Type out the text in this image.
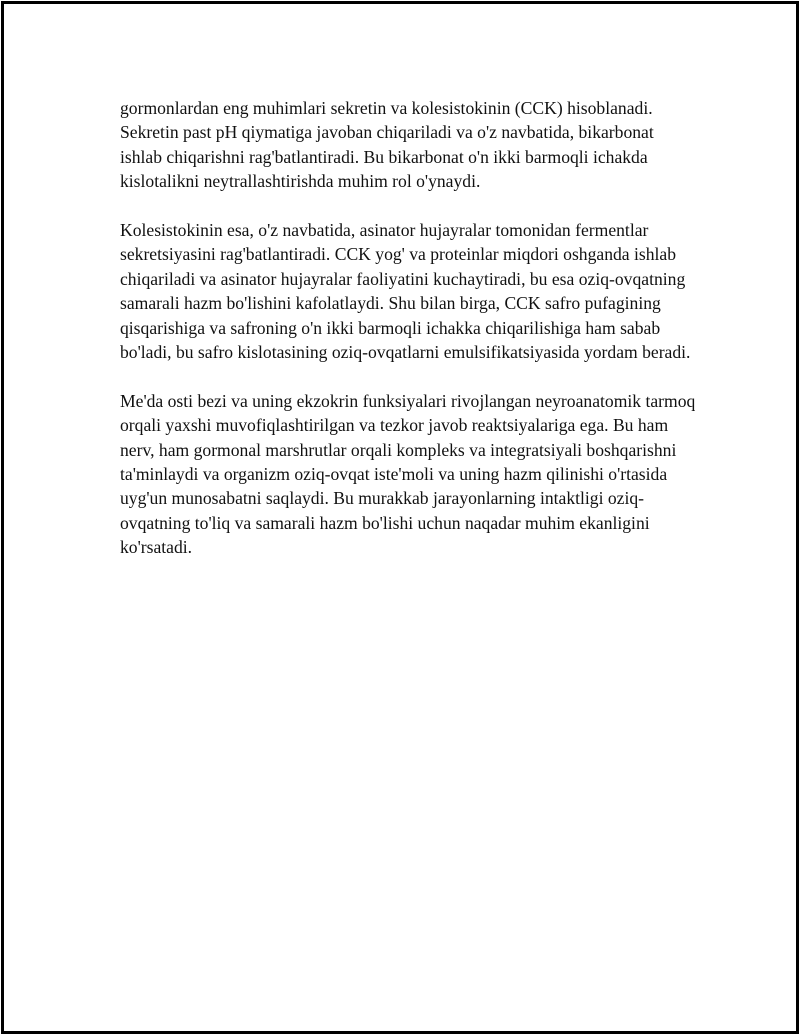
gormonlardan eng muhimlari sekretin va kolesistokinin (CCK) hisoblanadi. Sekretin past pH qiymatiga javoban chiqariladi va o'z navbatida, bikarbonat ishlab chiqarishni rag'batlantiradi. Bu bikarbonat o'n ikki barmoqli ichakda kislotalikni neytrallashtirishda muhim rol o'ynaydi.

Kolesistokinin esa, o'z navbatida, asinator hujayralar tomonidan fermentlar sekretsiyasini rag'batlantiradi. CCK yog' va proteinlar miqdori oshganda ishlab chiqariladi va asinator hujayralar faoliyatini kuchaytiradi, bu esa oziq-ovqatning samarali hazm bo'lishini kafolatlaydi. Shu bilan birga, CCK safro pufagining qisqarishiga va safroning o'n ikki barmoqli ichakka chiqarilishiga ham sabab bo'ladi, bu safro kislotasining oziq-ovqatlarni emulsifikatsiyasida yordam beradi.

Me'da osti bezi va uning ekzokrin funksiyalari rivojlangan neyroanatomik tarmoq orqali yaxshi muvofiqlashtirilgan va tezkor javob reaktsiyalariga ega. Bu ham nerv, ham gormonal marshrutlar orqali kompleks va integratsiyali boshqarishni ta'minlaydi va organizm oziq-ovqat iste'moli va uning hazm qilinishi o'rtasida uyg'un munosabatni saqlaydi. Bu murakkab jarayonlarning intaktligi oziq-ovqatning to'liq va samarali hazm bo'lishi uchun naqadar muhim ekanligini ko'rsatadi.
